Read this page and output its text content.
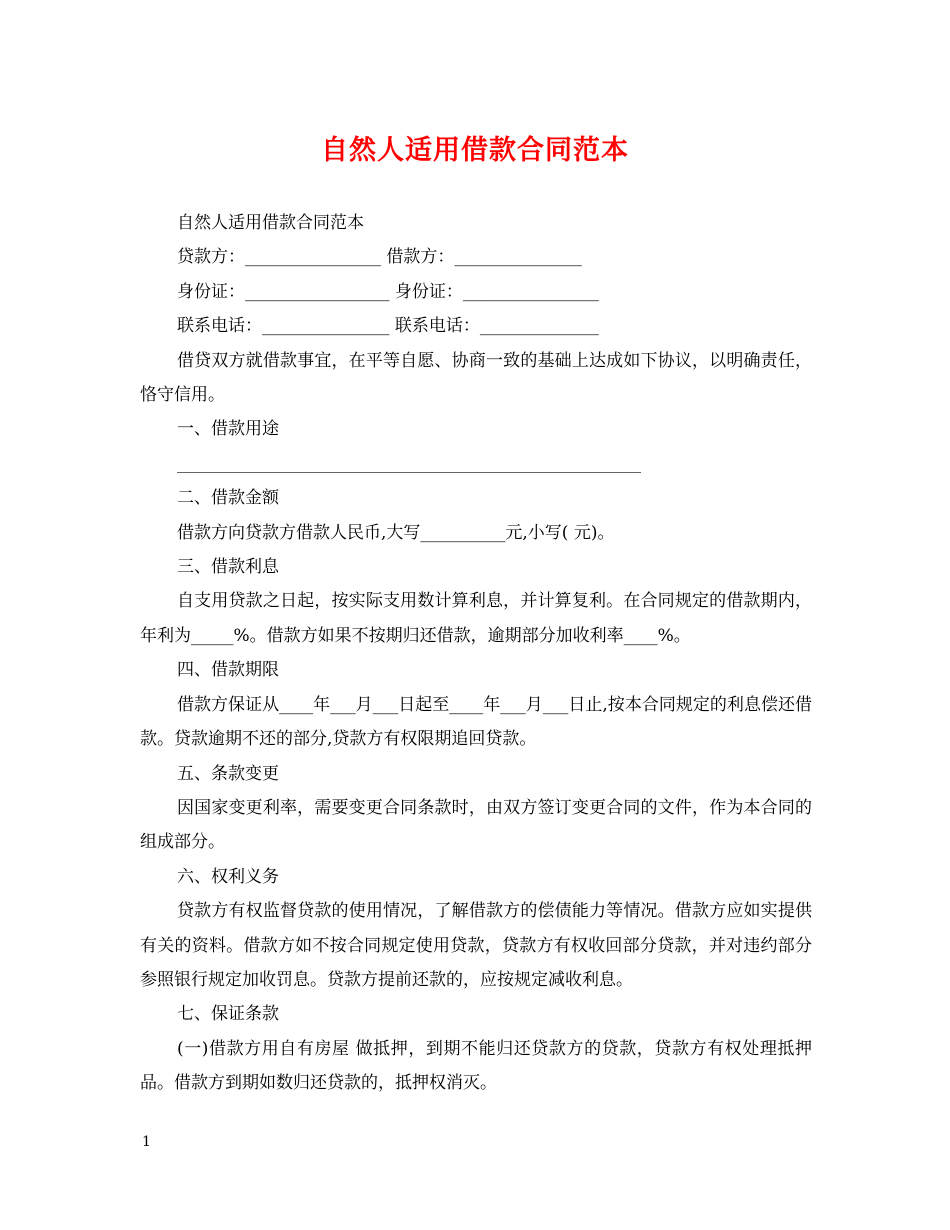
自然人适用借款合同范本
自然人适用借款合同范本
贷款方：________________ 借款方：_______________
身份证：_________________ 身份证：________________
联系电话：_______________ 联系电话：______________
借贷双方就借款事宜，在平等自愿、协商一致的基础上达成如下协议，以明确责任，恪守信用。
一、借款用途
__________________________________________________________
二、借款金额
借款方向贷款方借款人民币,大写__________元,小写( 元)。
三、借款利息
自支用贷款之日起，按实际支用数计算利息，并计算复利。在合同规定的借款期内，年利为_____%。借款方如果不按期归还借款，逾期部分加收利率____%。
四、借款期限
借款方保证从____年___月___日起至____年___月___日止,按本合同规定的利息偿还借款。贷款逾期不还的部分,贷款方有权限期追回贷款。
五、条款变更
因国家变更利率，需要变更合同条款时，由双方签订变更合同的文件，作为本合同的组成部分。
六、权利义务
贷款方有权监督贷款的使用情况，了解借款方的偿债能力等情况。借款方应如实提供有关的资料。借款方如不按合同规定使用贷款，贷款方有权收回部分贷款，并对违约部分参照银行规定加收罚息。贷款方提前还款的，应按规定减收利息。
七、保证条款
(一)借款方用自有房屋 做抵押，到期不能归还贷款方的贷款，贷款方有权处理抵押品。借款方到期如数归还贷款的，抵押权消灭。
1
